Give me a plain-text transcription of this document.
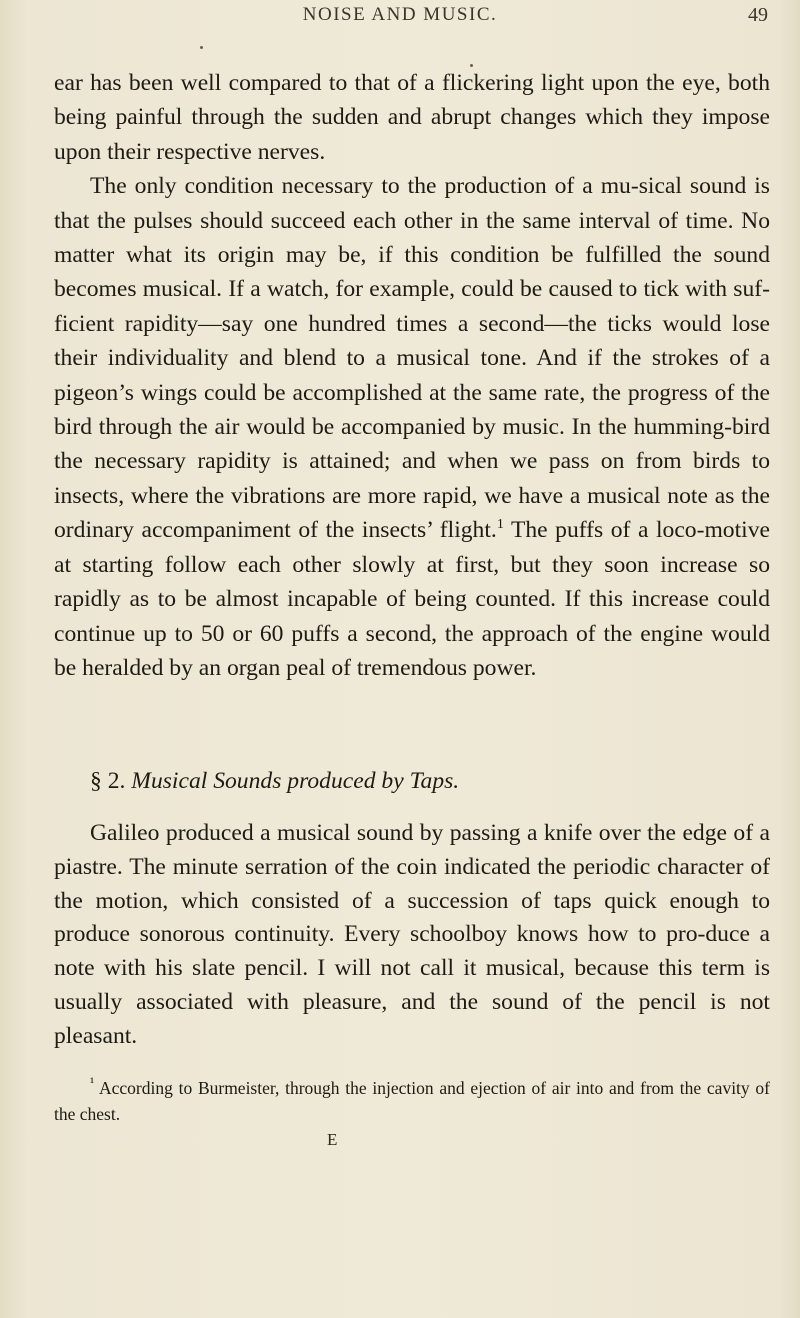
NOISE AND MUSIC.	49

ear has been well compared to that of a flickering light upon the eye, both being painful through the sudden and abrupt changes which they impose upon their respective nerves.

The only condition necessary to the production of a mu-sical sound is that the pulses should succeed each other in the same interval of time. No matter what its origin may be, if this condition be fulfilled the sound becomes musical. If a watch, for example, could be caused to tick with suf-ficient rapidity—say one hundred times a second—the ticks would lose their individuality and blend to a musical tone. And if the strokes of a pigeon’s wings could be accomplished at the same rate, the progress of the bird through the air would be accompanied by music. In the humming-bird the necessary rapidity is attained; and when we pass on from birds to insects, where the vibrations are more rapid, we have a musical note as the ordinary accompaniment of the insects’ flight.$^1$ The puffs of a loco-motive at starting follow each other slowly at first, but they soon increase so rapidly as to be almost incapable of being counted. If this increase could continue up to 50 or 60 puffs a second, the approach of the engine would be heralded by an organ peal of tremendous power.

§ 2. Musical Sounds produced by Taps.

Galileo produced a musical sound by passing a knife over the edge of a piastre. The minute serration of the coin indicated the periodic character of the motion, which consisted of a succession of taps quick enough to produce sonorous continuity. Every schoolboy knows how to pro-duce a note with his slate pencil. I will not call it musical, because this term is usually associated with pleasure, and the sound of the pencil is not pleasant.

$^{^1}$ According to Burmeister, through the injection and ejection of air into and from the cavity of the chest.

E
